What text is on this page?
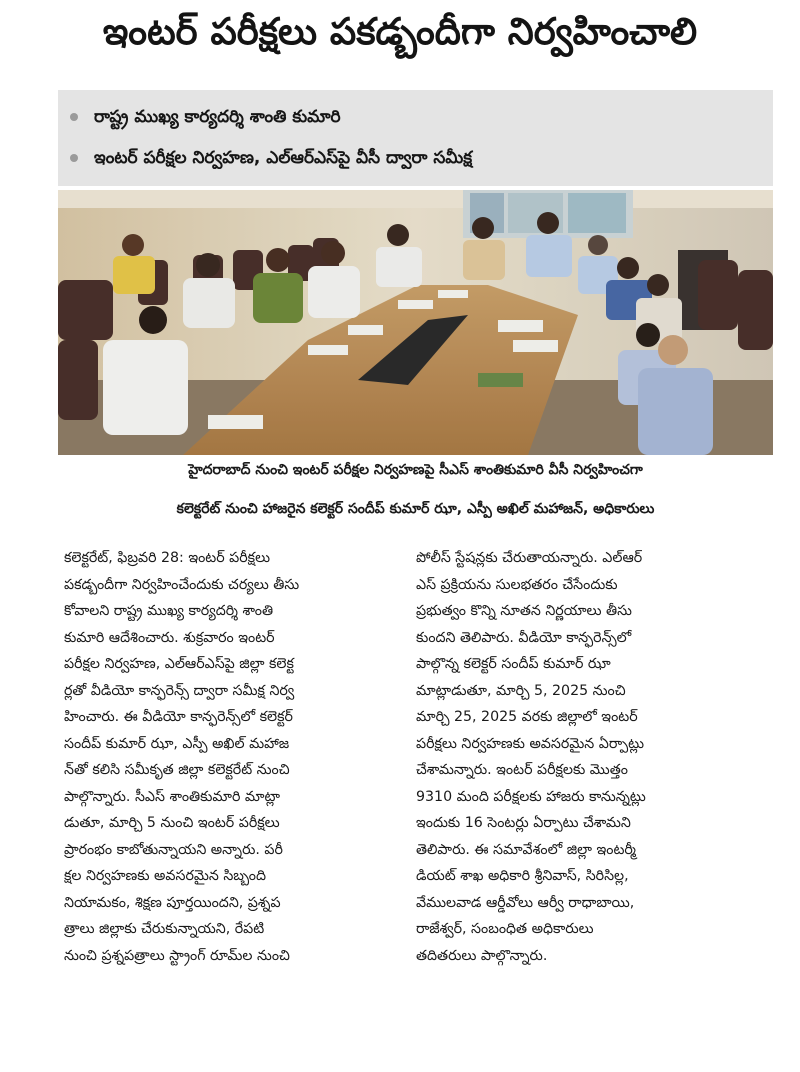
ఇంటర్ పరీక్షలు పకడ్బందీగా నిర్వహించాలి
రాష్ట్ర ముఖ్య కార్యదర్శి శాంతి కుమారి
ఇంటర్ పరీక్షల నిర్వహణ, ఎల్ఆర్ఎస్‌పై వీసీ ద్వారా సమీక్ష
హైదరాబాద్ నుంచి ఇంటర్ పరీక్షల నిర్వహణపై సీఎస్ శాంతికుమారి వీసీ నిర్వహించగా
కలెక్టరేట్ నుంచి హాజరైన కలెక్టర్ సందీప్ కుమార్ ఝా, ఎస్పీ అఖిల్ మహాజన్, అధికారులు
కలెక్టరేట్, ఫిబ్రవరి 28: ఇంటర్ పరీక్షలు
పకడ్బందీగా నిర్వహించేందుకు చర్యలు తీసు
కోవాలని రాష్ట్ర ముఖ్య కార్యదర్శి శాంతి
కుమారి ఆదేశించారు. శుక్రవారం ఇంటర్
పరీక్షల నిర్వహణ, ఎల్ఆర్ఎస్‌పై జిల్లా కలెక్ట
ర్లతో వీడియో కాన్ఫరెన్స్ ద్వారా సమీక్ష నిర్వ
హించారు. ఈ వీడియో కాన్ఫరెన్స్‌లో కలెక్టర్
సందీప్ కుమార్ ఝా, ఎస్పీ అఖిల్ మహాజ
న్‌తో కలిసి సమీకృత జిల్లా కలెక్టరేట్ నుంచి
పాల్గొన్నారు. సీఎస్ శాంతికుమారి మాట్లా
డుతూ, మార్చి 5 నుంచి ఇంటర్ పరీక్షలు
ప్రారంభం కాబోతున్నాయని అన్నారు. పరీ
క్షల నిర్వహణకు అవసరమైన సిబ్బంది
నియామకం, శిక్షణ పూర్తయిందని, ప్రశ్నప
త్రాలు జిల్లాకు చేరుకున్నాయని, రేపటి
నుంచి ప్రశ్నపత్రాలు స్ట్రాంగ్ రూమ్‌ల నుంచి
పోలీస్ స్టేషన్లకు చేరుతాయన్నారు. ఎల్ఆర్
ఎస్ ప్రక్రియను సులభతరం చేసేందుకు
ప్రభుత్వం కొన్ని నూతన నిర్ణయాలు తీసు
కుందని తెలిపారు. వీడియో కాన్ఫరెన్స్‌లో
పాల్గొన్న కలెక్టర్ సందీప్ కుమార్ ఝా
మాట్లాడుతూ, మార్చి 5, 2025 నుంచి
మార్చి 25, 2025 వరకు జిల్లాలో ఇంటర్
పరీక్షలు నిర్వహణకు అవసరమైన ఏర్పాట్లు
చేశామన్నారు. ఇంటర్ పరీక్షలకు మొత్తం
9310 మంది పరీక్షలకు హాజరు కానున్నట్లు
ఇందుకు 16 సెంటర్లు ఏర్పాటు చేశామని
తెలిపారు. ఈ సమావేశంలో జిల్లా ఇంటర్మీ
డియట్ శాఖ అధికారి శ్రీనివాస్, సిరిసిల్ల,
వేములవాడ ఆర్డీవోలు ఆర్వీ రాధాబాయి,
రాజేశ్వర్, సంబంధిత అధికారులు
తదితరులు పాల్గొన్నారు.
